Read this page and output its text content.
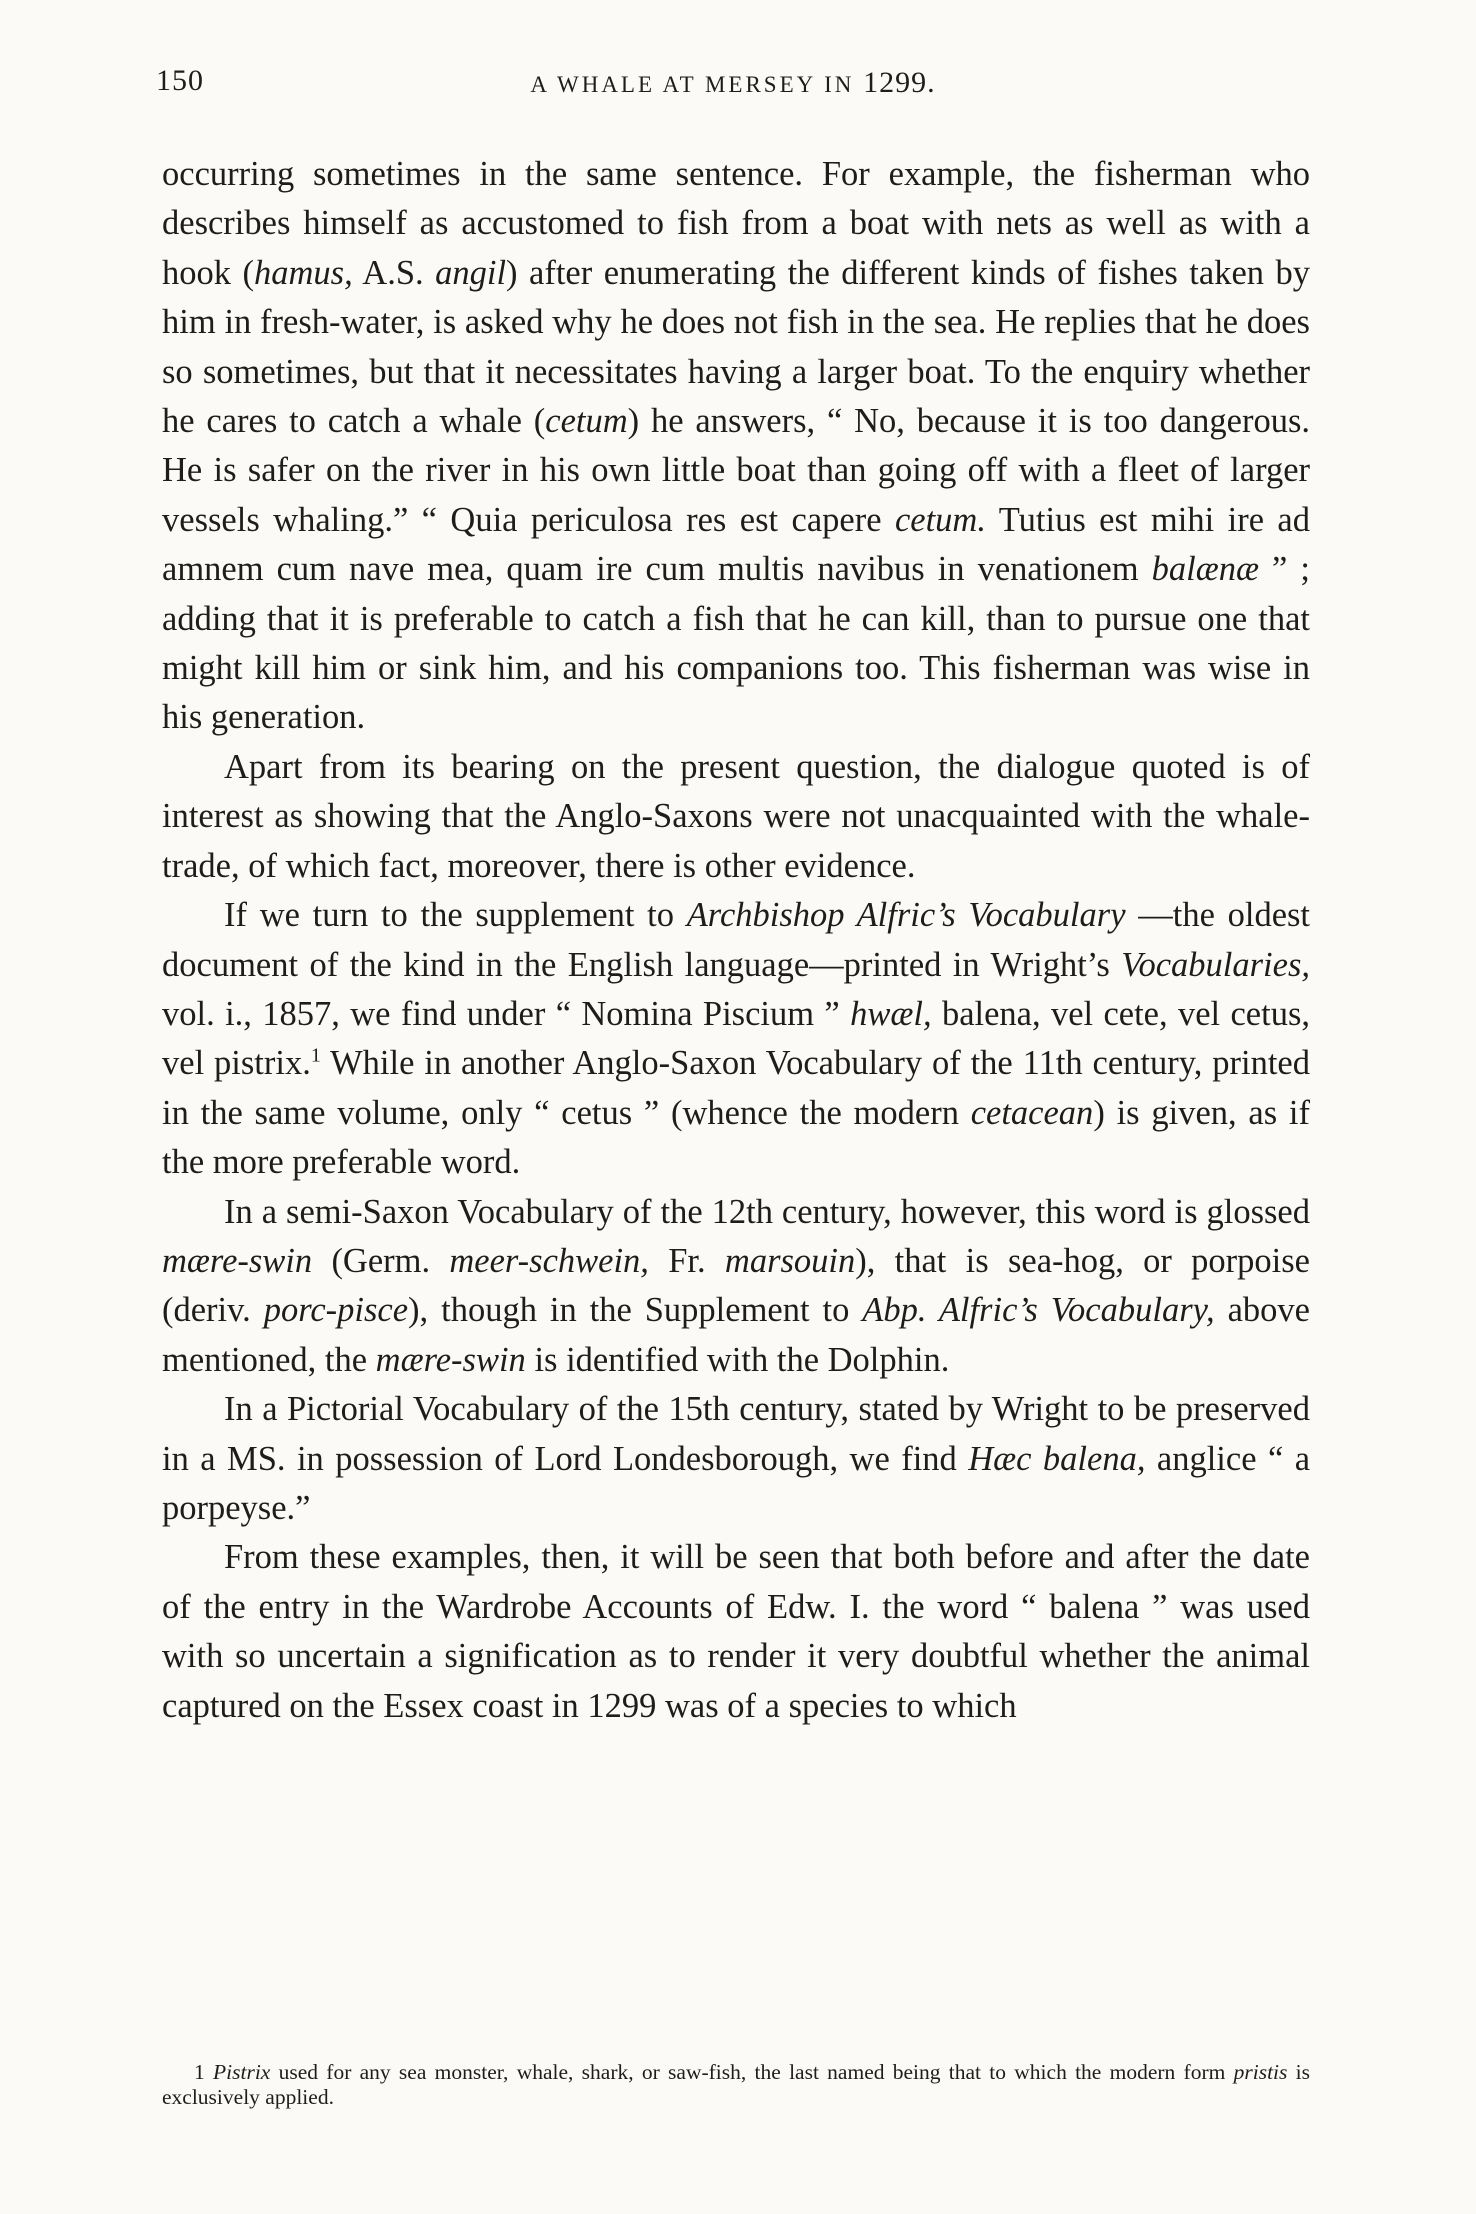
150	A WHALE AT MERSEY IN 1299.

occurring sometimes in the same sentence. For example, the fisherman who describes himself as accustomed to fish from a boat with nets as well as with a hook (hamus, A.S. angil) after enumerating the different kinds of fishes taken by him in fresh-water, is asked why he does not fish in the sea. He replies that he does so sometimes, but that it necessitates having a larger boat. To the enquiry whether he cares to catch a whale (cetum) he answers, “ No, because it is too dangerous. He is safer on the river in his own little boat than going off with a fleet of larger vessels whaling.” “ Quia periculosa res est capere cetum. Tutius est mihi ire ad amnem cum nave mea, quam ire cum multis navibus in venationem balænæ ” ; adding that it is preferable to catch a fish that he can kill, than to pursue one that might kill him or sink him, and his companions too. This fisherman was wise in his generation.

Apart from its bearing on the present question, the dialogue quoted is of interest as showing that the Anglo-Saxons were not unacquainted with the whale-trade, of which fact, moreover, there is other evidence.

If we turn to the supplement to Archbishop Alfric’s Vocabulary —the oldest document of the kind in the English language—printed in Wright’s Vocabularies, vol. i., 1857, we find under “ Nomina Piscium ” hwæl, balena, vel cete, vel cetus, vel pistrix.$^1$ While in another Anglo-Saxon Vocabulary of the 11th century, printed in the same volume, only “ cetus ” (whence the modern cetacean) is given, as if the more preferable word.

In a semi-Saxon Vocabulary of the 12th century, however, this word is glossed mære-swin (Germ. meer-schwein, Fr. marsouin), that is sea-hog, or porpoise (deriv. porc-pisce), though in the Supplement to Abp. Alfric’s Vocabulary, above mentioned, the mære-swin is identified with the Dolphin.

In a Pictorial Vocabulary of the 15th century, stated by Wright to be preserved in a MS. in possession of Lord Londesborough, we find Hæc balena, anglice “ a porpeyse.”

From these examples, then, it will be seen that both before and after the date of the entry in the Wardrobe Accounts of Edw. I. the word “ balena ” was used with so uncertain a signification as to render it very doubtful whether the animal captured on the Essex coast in 1299 was of a species to which

1 Pistrix used for any sea monster, whale, shark, or saw-fish, the last named being that to which the modern form pristis is exclusively applied.
